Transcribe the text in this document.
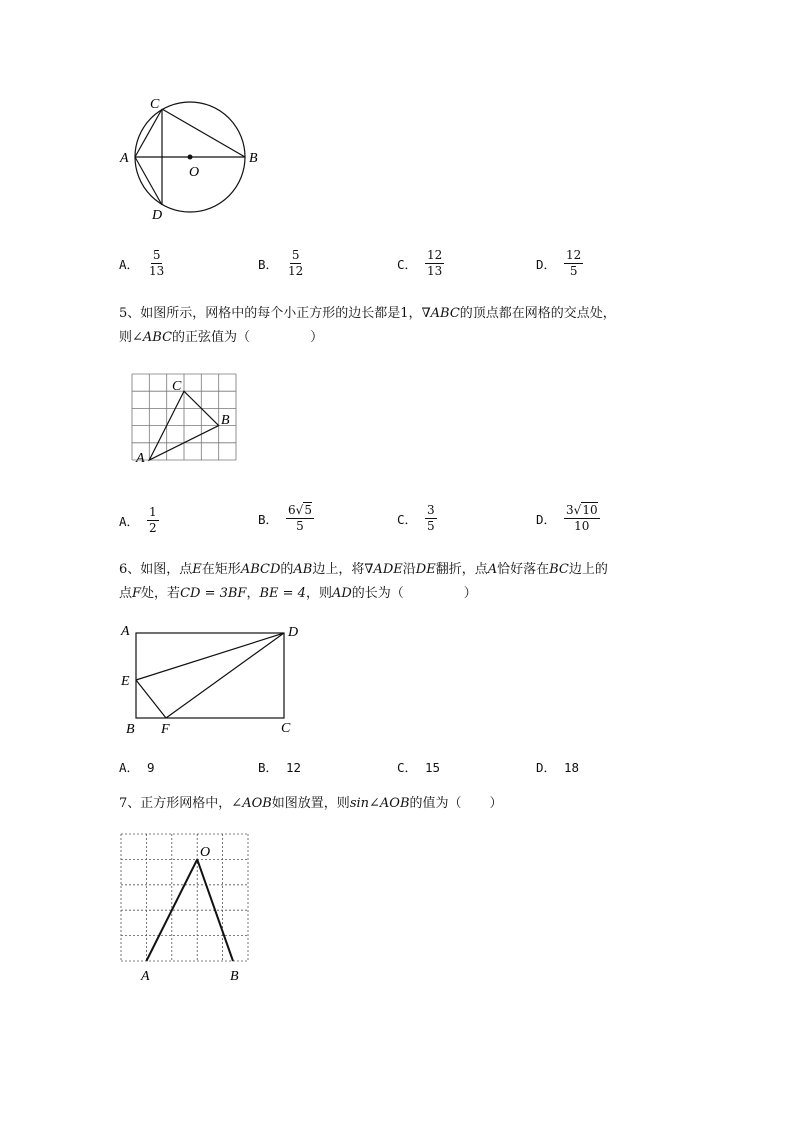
C
A
O
B
D
A． $\frac{5}{13}$	B． $\frac{5}{12}$	C． $\frac{12}{13}$	D． $\frac{12}{5}$
5、如图所示，网格中的每个小正方形的边长都是1，∇ABC的顶点都在网格的交点处，
则∠ABC的正弦值为（	）
C
B
A
A． $\frac{1}{2}$	B． $\frac{6√5}{5}$	C． $\frac{3}{5}$	D． $\frac{3√10}{10}$
6、如图，点E在矩形ABCD的AB边上，将∇ADE沿DE翻折，点A恰好落在BC边上的
点F处，若CD = 3BF，BE = 4，则AD的长为（	）
A	D
E
B F	C
A． 9	B． 12	C． 15	D． 18
7、正方形网格中，∠AOB如图放置，则sin∠AOB的值为（ ）
O
A	B
